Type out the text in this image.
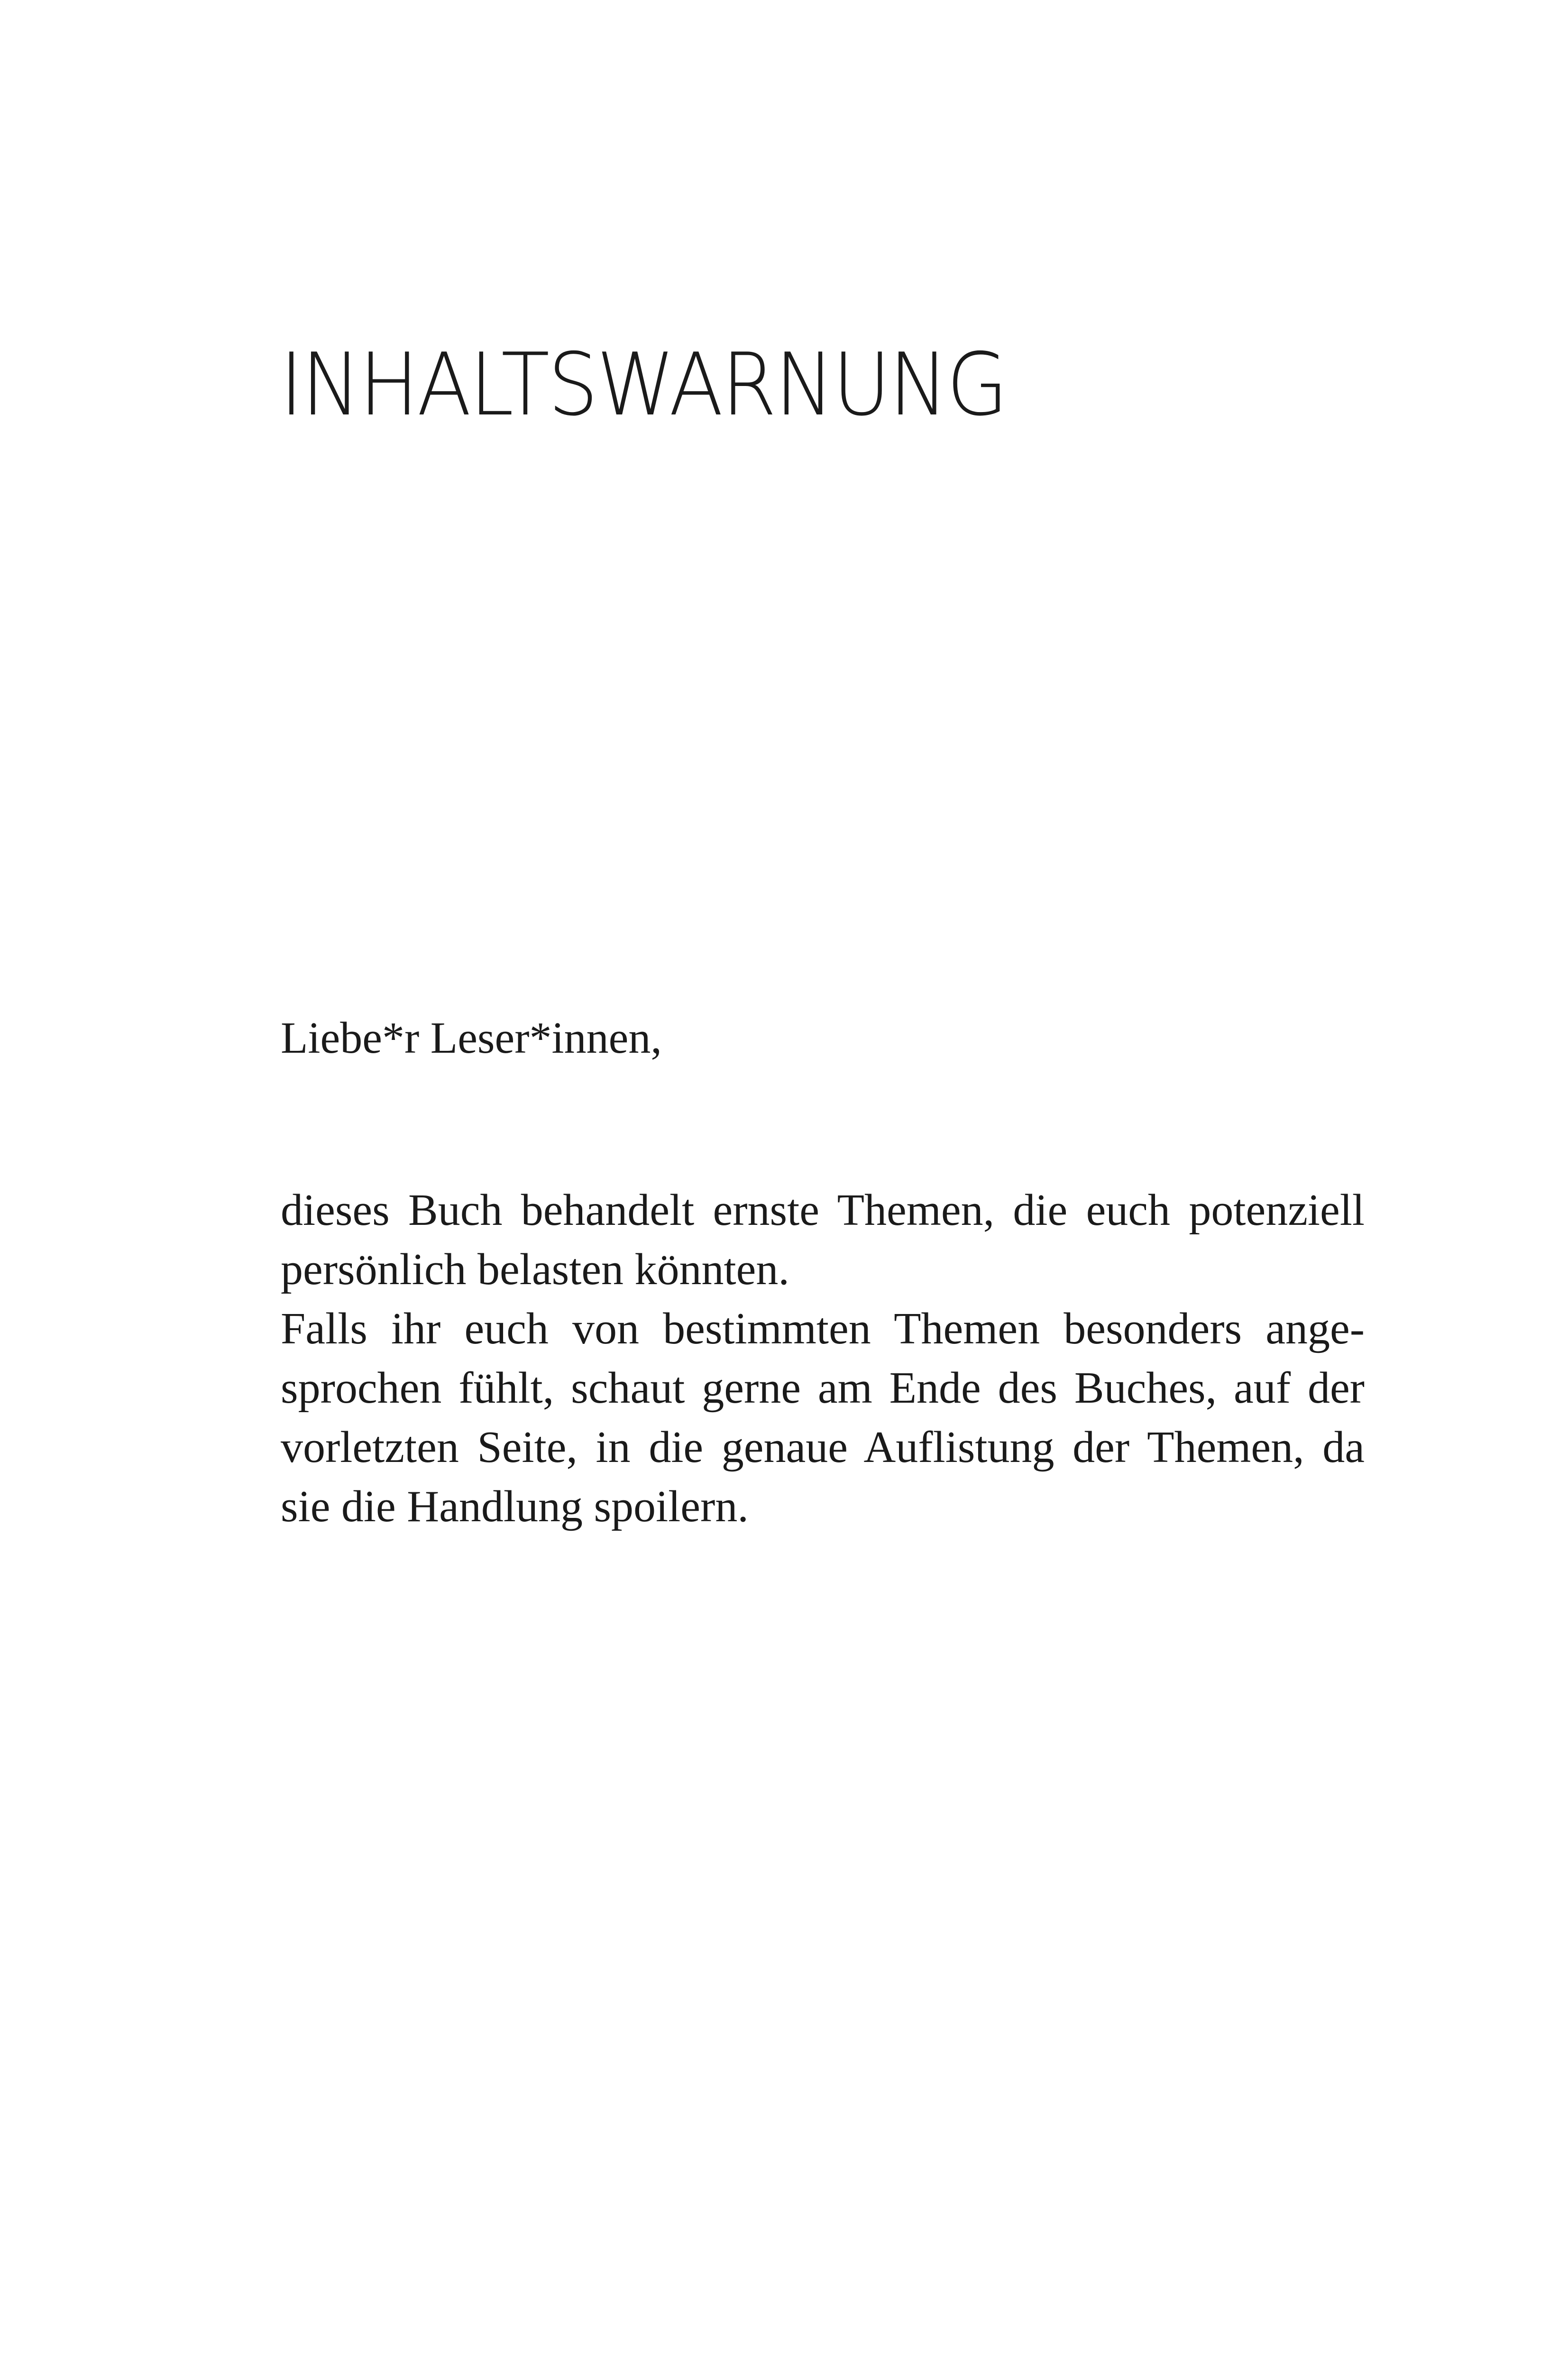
INHALTSWARNUNG

Liebe*r Leser*innen,

dieses Buch behandelt ernste Themen, die euch potenziell persönlich belasten könnten.

Falls ihr euch von bestimmten Themen besonders angesprochen fühlt, schaut gerne am Ende des Buches, auf der vorletzten Seite, in die genaue Auflistung der Themen, da sie die Handlung spoilern.
